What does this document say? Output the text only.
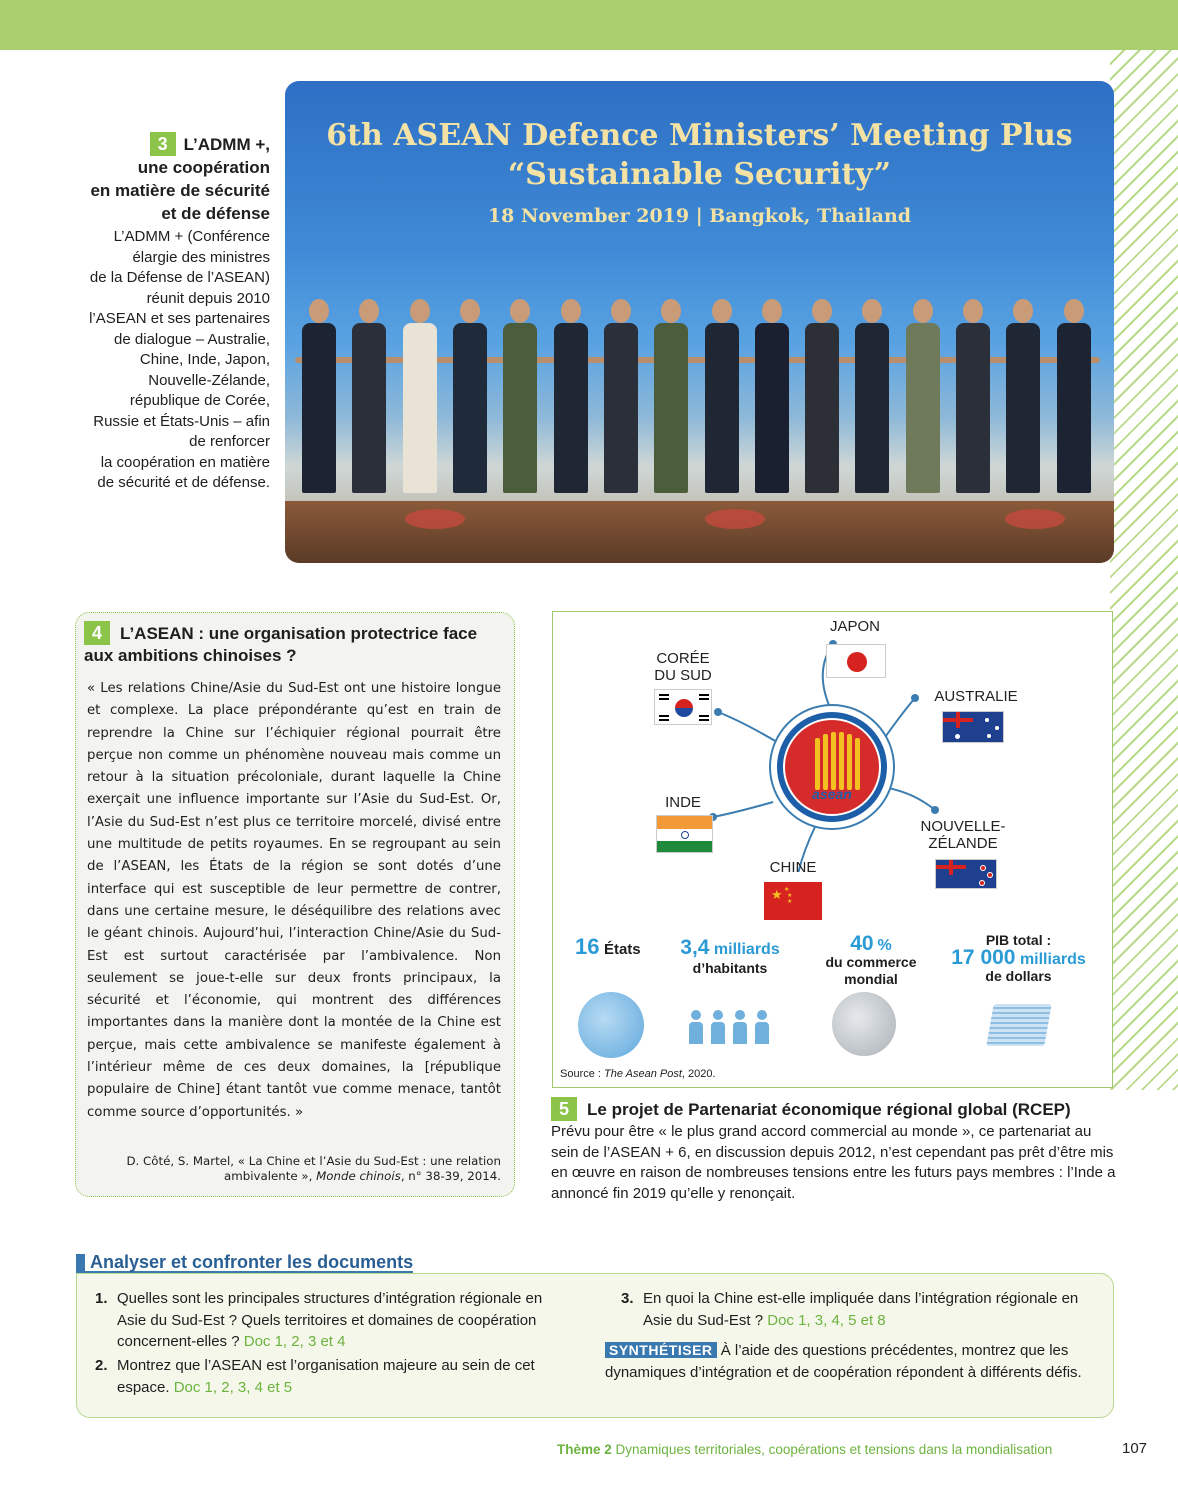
3 L’ADMM +,
une coopération
en matière de sécurité
et de défense
L’ADMM + (Conférence
élargie des ministres
de la Défense de l’ASEAN)
réunit depuis 2010
l’ASEAN et ses partenaires
de dialogue – Australie,
Chine, Inde, Japon,
Nouvelle-Zélande,
république de Corée,
Russie et États-Unis – afin
de renforcer
la coopération en matière
de sécurité et de défense.
6th ASEAN Defence Ministers’ Meeting Plus
“Sustainable Security”
18 November 2019 | Bangkok, Thailand
4 L’ASEAN : une organisation protectrice face aux ambitions chinoises ?
« Les relations Chine/Asie du Sud-Est ont une histoire longue et complexe. La place prépondérante qu’est en train de reprendre la Chine sur l’échiquier régional pourrait être perçue non comme un phénomène nouveau mais comme un retour à la situation précoloniale, durant laquelle la Chine exerçait une influence importante sur l’Asie du Sud-Est. Or, l’Asie du Sud-Est n’est plus ce territoire morcelé, divisé entre une multitude de petits royaumes. En se regroupant au sein de l’ASEAN, les États de la région se sont dotés d’une interface qui est susceptible de leur permettre de contrer, dans une certaine mesure, le déséquilibre des relations avec le géant chinois. Aujourd’hui, l’interaction Chine/Asie du Sud-Est est surtout caractérisée par l’ambivalence. Non seulement se joue-t-elle sur deux fronts principaux, la sécurité et l’économie, qui montrent des différences importantes dans la manière dont la montée de la Chine est perçue, mais cette ambivalence se manifeste également à l’intérieur même de ces deux domaines, la [république populaire de Chine] étant tantôt vue comme menace, tantôt comme source d’opportunités. »
D. Côté, S. Martel, « La Chine et l’Asie du Sud-Est : une relation
ambivalente », Monde chinois, n° 38-39, 2014.
asean
JAPON
CORÉE
DU SUD
AUSTRALIE
INDE
NOUVELLE-
ZÉLANDE
CHINE
★ ★
★
★
16 États	3,4 milliards
d’habitants
40 %
du commerce
mondial
PIB total :
17 000 milliards
de dollars
Source : The Asean Post, 2020.
5 Le projet de Partenariat économique régional global (RCEP)
Prévu pour être « le plus grand accord commercial au monde », ce partenariat au sein de l’ASEAN + 6, en discussion depuis 2012, n’est cependant pas prêt d’être mis en œuvre en raison de nombreuses tensions entre les futurs pays membres : l’Inde a annoncé fin 2019 qu’elle y renonçait.
Analyser et confronter les documents
1. Quelles sont les principales structures d’intégration régionale en Asie du Sud-Est ? Quels territoires et domaines de coopération concernent-elles ? Doc 1, 2, 3 et 4
2. Montrez que l’ASEAN est l’organisation majeure au sein de cet espace. Doc 1, 2, 3, 4 et 5
3. En quoi la Chine est-elle impliquée dans l’intégration régionale en Asie du Sud-Est ? Doc 1, 3, 4, 5 et 8
SYNTHÉTISER À l’aide des questions précédentes, montrez que les dynamiques d’intégration et de coopération répondent à différents défis.
Thème 2 Dynamiques territoriales, coopérations et tensions dans la mondialisation	107
